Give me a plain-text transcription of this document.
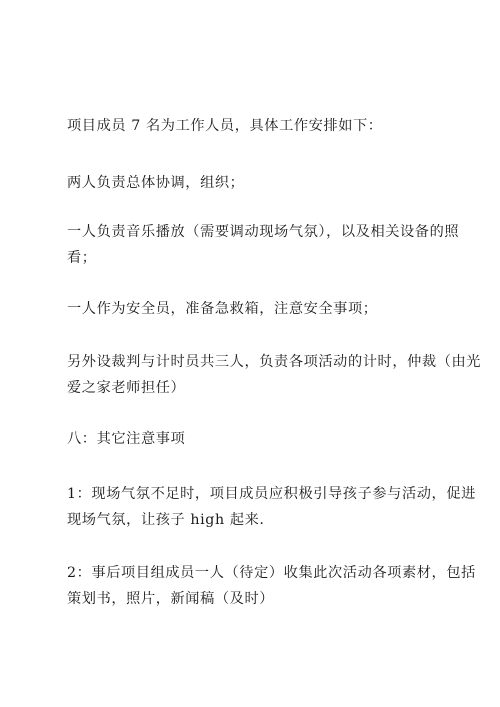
项目成员 7 名为工作人员，具体工作安排如下：

两人负责总体协调，组织；

一人负责音乐播放（需要调动现场气氛），以及相关设备的照
看；

一人作为安全员，准备急救箱，注意安全事项；

另外设裁判与计时员共三人，负责各项活动的计时，仲裁（由光
爱之家老师担任）

八：其它注意事项

1：现场气氛不足时，项目成员应积极引导孩子参与活动，促进
现场气氛，让孩子 high 起来.

2：事后项目组成员一人（待定）收集此次活动各项素材，包括
策划书，照片，新闻稿（及时）
